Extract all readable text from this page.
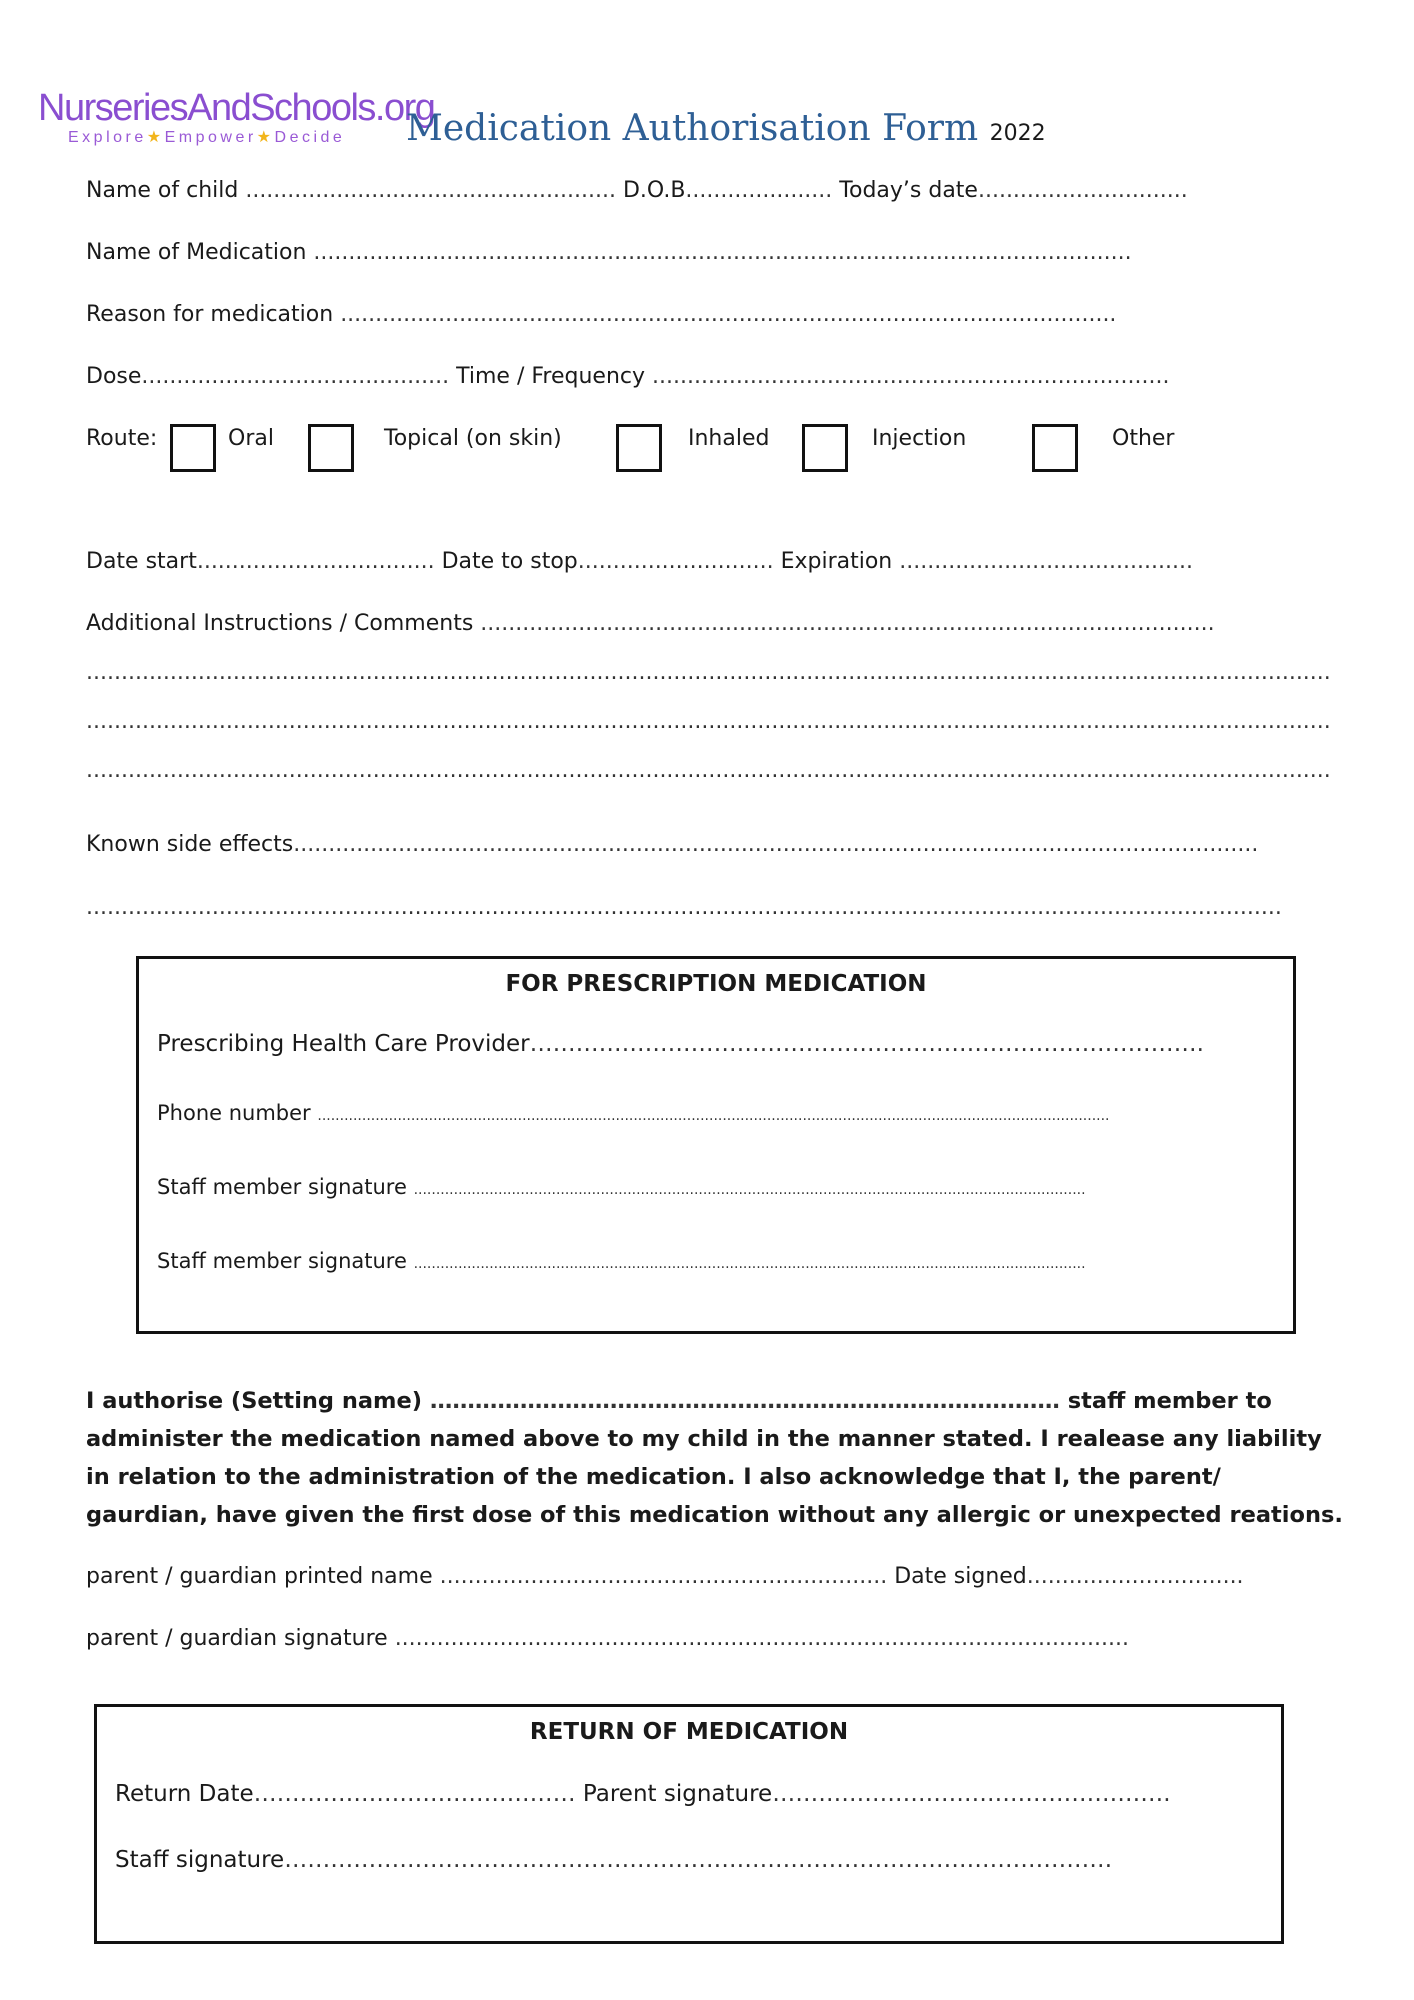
NurseriesAndSchools.org
Explore★Empower★Decide	Medication Authorisation Form 2022
Name of child ..................................................... D.O.B..................... Today’s date..............................
Name of Medication .....................................................................................................................
Reason for medication ...............................................................................................................
Dose............................................ Time / Frequency ..........................................................................
Route:	Oral	Topical (on skin)	Inhaled	Injection	Other
Date start.................................. Date to stop............................ Expiration ..........................................
Additional Instructions / Comments .........................................................................................................
..................................................................................................................................................................................
..................................................................................................................................................................................
..................................................................................................................................................................................
Known side effects..........................................................................................................................................
...........................................................................................................................................................................
FOR PRESCRIPTION MEDICATION
Prescribing Health Care Provider…………………………………………………………………………….
Phone number ..................................................................................................................................................................................
Staff member signature .......................................................................................................................................................
Staff member signature .......................................................................................................................................................
I authorise (Setting name) ………………………………………………………………………… staff member to administer the medication named above to my child in the manner stated. I realease any liability in relation to the administration of the medication. I also acknowledge that I, the parent/ gaurdian, have given the first dose of this medication without any allergic or unexpected reations.
parent / guardian printed name ................................................................ Date signed...............................
parent / guardian signature .........................................................................................................
RETURN OF MEDICATION
Return Date…………………………………… Parent signature…………………………………………….
Staff signature………………………………………………………………………………………………
